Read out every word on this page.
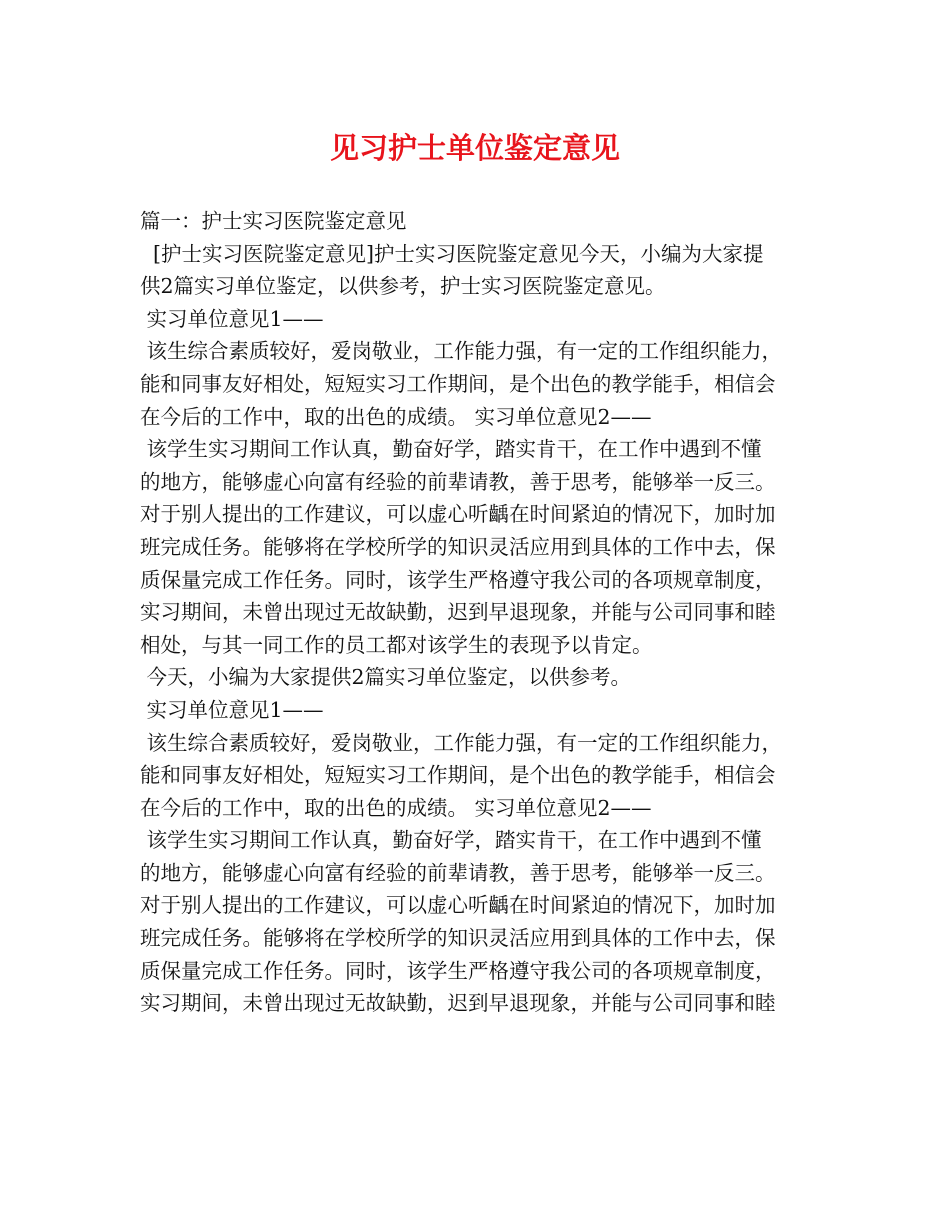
见习护士单位鉴定意见
篇一：护士实习医院鉴定意见
[护士实习医院鉴定意见]护士实习医院鉴定意见今天，小编为大家提
供2篇实习单位鉴定，以供参考，护士实习医院鉴定意见。
实习单位意见1——
该生综合素质较好，爱岗敬业，工作能力强，有一定的工作组织能力，
能和同事友好相处，短短实习工作期间，是个出色的教学能手，相信会
在今后的工作中，取的出色的成绩。 实习单位意见2——
该学生实习期间工作认真，勤奋好学，踏实肯干，在工作中遇到不懂
的地方，能够虚心向富有经验的前辈请教，善于思考，能够举一反三。
对于别人提出的工作建议，可以虚心听齲在时间紧迫的情况下，加时加
班完成任务。能够将在学校所学的知识灵活应用到具体的工作中去，保
质保量完成工作任务。同时，该学生严格遵守我公司的各项规章制度，
实习期间，未曾出现过无故缺勤，迟到早退现象，并能与公司同事和睦
相处，与其一同工作的员工都对该学生的表现予以肯定。
今天，小编为大家提供2篇实习单位鉴定，以供参考。
实习单位意见1——
该生综合素质较好，爱岗敬业，工作能力强，有一定的工作组织能力，
能和同事友好相处，短短实习工作期间，是个出色的教学能手，相信会
在今后的工作中，取的出色的成绩。 实习单位意见2——
该学生实习期间工作认真，勤奋好学，踏实肯干，在工作中遇到不懂
的地方，能够虚心向富有经验的前辈请教，善于思考，能够举一反三。
对于别人提出的工作建议，可以虚心听齲在时间紧迫的情况下，加时加
班完成任务。能够将在学校所学的知识灵活应用到具体的工作中去，保
质保量完成工作任务。同时，该学生严格遵守我公司的各项规章制度，
实习期间，未曾出现过无故缺勤，迟到早退现象，并能与公司同事和睦
